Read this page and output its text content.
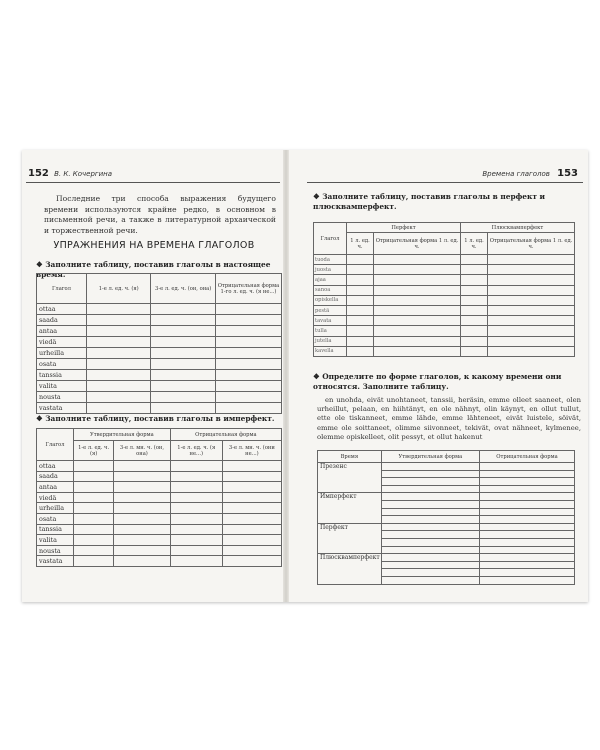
152 В. К. Кочергина
Последние три способа выражения будущего времени используются крайне редко, в основном в письменной речи, а также в литературной архаической и торжественной речи.
УПРАЖНЕНИЯ НА ВРЕМЕНА ГЛАГОЛОВ
❖ Заполните таблицу, поставив глаголы в настоящее время.
Глагол	1-е л. ед. ч. (я)	3-е л. ед. ч. (он, она)	Отрицательная форма 1-го л. ед. ч. (я не...)
ottaa			
saada			
antaa			
viedä			
urheilla			
osata			
tanssia			
valita			
noustа			
vastata			
❖ Заполните таблицу, поставив глаголы в имперфект.
Глагол	Утвердительная форма		Отрицательная форма	
	1-е л. ед. ч. (я)	3-е л. мн. ч. (он, она)	1-е л. ед. ч. (я не...)	3-е л. мн. ч. (они не...)
ottaa				
saada				
antaa				
viedä				
urheilla				
osata				
tanssia				
valita				
noustа				
vastata				
Времена глаголов 153
❖ Заполните таблицу, поставив глаголы в перфект и плюсквамперфект.
Глагол	Перфект		Плюсквамперфект	
	1 л. ед. ч.	Отрицательная форма 1 л. ед. ч.	1 л. ед. ч.	Отрицательная форма 1 л. ед. ч.
tuoda				
juosta				
ajaa				
sanoa				
opiskella				
pestä				
tavata				
tulla				
jutella				
kavella				
❖ Определите по форме глаголов, к какому времени они относятся. Заполните таблицу.
en unohda, eivät unohtaneet, tanssii, heräsin, emme olleet saaneet, olen urheillut, pelaan, en hiihtänyt, en ole nähnyt, olin käynyt, en ollut tullut, ette ole tiskanneet, emme lähde, emme lähteneet, eivät luistele, söivät, emme ole soittaneet, olimme siivonneet, tekivät, ovat nähneet, kylmenee, olemme opiskelleet, olit pessyt, et ollut hakenut
Время	Утвердительная форма	Отрицательная форма
Презенс		

Имперфект		

Перфект		

Плюсквамперфект		
